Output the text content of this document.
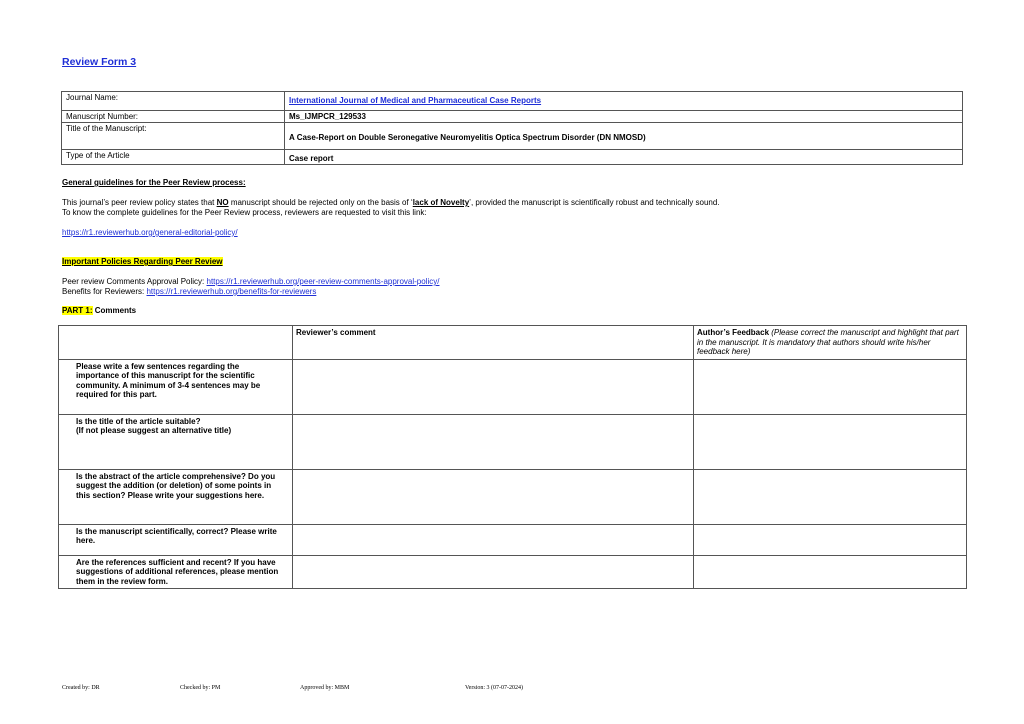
Review Form 3
Journal Name:	International Journal of Medical and Pharmaceutical Case Reports
Manuscript Number:	Ms_IJMPCR_129533
Title of the Manuscript:	A Case-Report on Double Seronegative Neuromyelitis Optica Spectrum Disorder (DN NMOSD)
Type of the Article	Case report
General guidelines for the Peer Review process:
This journal’s peer review policy states that NO manuscript should be rejected only on the basis of ‘lack of Novelty’, provided the manuscript is scientifically robust and technically sound.
To know the complete guidelines for the Peer Review process, reviewers are requested to visit this link:
https://r1.reviewerhub.org/general-editorial-policy/
Important Policies Regarding Peer Review
Peer review Comments Approval Policy: https://r1.reviewerhub.org/peer-review-comments-approval-policy/
Benefits for Reviewers: https://r1.reviewerhub.org/benefits-for-reviewers
PART 1: Comments
	Reviewer’s comment	Author’s Feedback (Please correct the manuscript and highlight that part in the manuscript. It is mandatory that authors should write his/her feedback here)
Please write a few sentences regarding the importance of this manuscript for the scientific community. A minimum of 3-4 sentences may be required for this part.		
Is the title of the article suitable?
(If not please suggest an alternative title)		
Is the abstract of the article comprehensive? Do you suggest the addition (or deletion) of some points in this section? Please write your suggestions here.		
Is the manuscript scientifically, correct? Please write here.		
Are the references sufficient and recent? If you have suggestions of additional references, please mention them in the review form.		
Created by: DR	Checked by: PM	Approved by: MBM	Version: 3 (07-07-2024)
